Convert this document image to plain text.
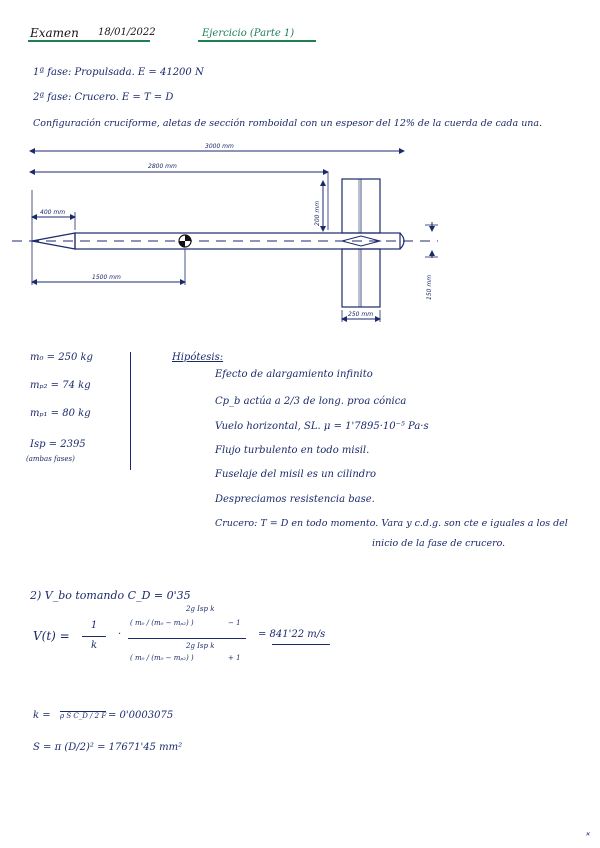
Examen 18/01/2022	Ejercicio (Parte 1)
1ª fase: Propulsada. E = 41200 N
2ª fase: Crucero. E = T = D
Configuración cruciforme, aletas de sección romboidal con un espesor del 12% de la cuerda de cada una.
3000 mm
2800 mm
400 mm	200 mm
150 mm
1500 mm
250 mm
m₀ = 250 kg
mₚ₂ = 74 kg
mₚ₁ = 80 kg
Isp = 2395
(ambas fases)
Hipótesis:
Efecto de alargamiento infinito
Cp_b actúa a 2/3 de long. proa cónica
Vuelo horizontal, SL. μ = 1'7895·10⁻⁵ Pa·s
Flujo turbulento en todo misil.
Fuselaje del misil es un cilindro
Despreciamos resistencia base.
Crucero: T = D en todo momento. Vara y c.d.g. son cte e iguales a los del
inicio de la fase de crucero.
2) V_bo tomando C_D = 0'35
V(t) =
1
k
·
( m₀ / (m₀ − mₚ₂) )
2g Isp k
− 1
( m₀ / (m₀ − mₚ₂) )
2g Isp k
+ 1
= 841'22 m/s
k = ρ S C_D / 2 F = 0'0003075
S = π (D/2)² = 17671'45 mm²
✕
